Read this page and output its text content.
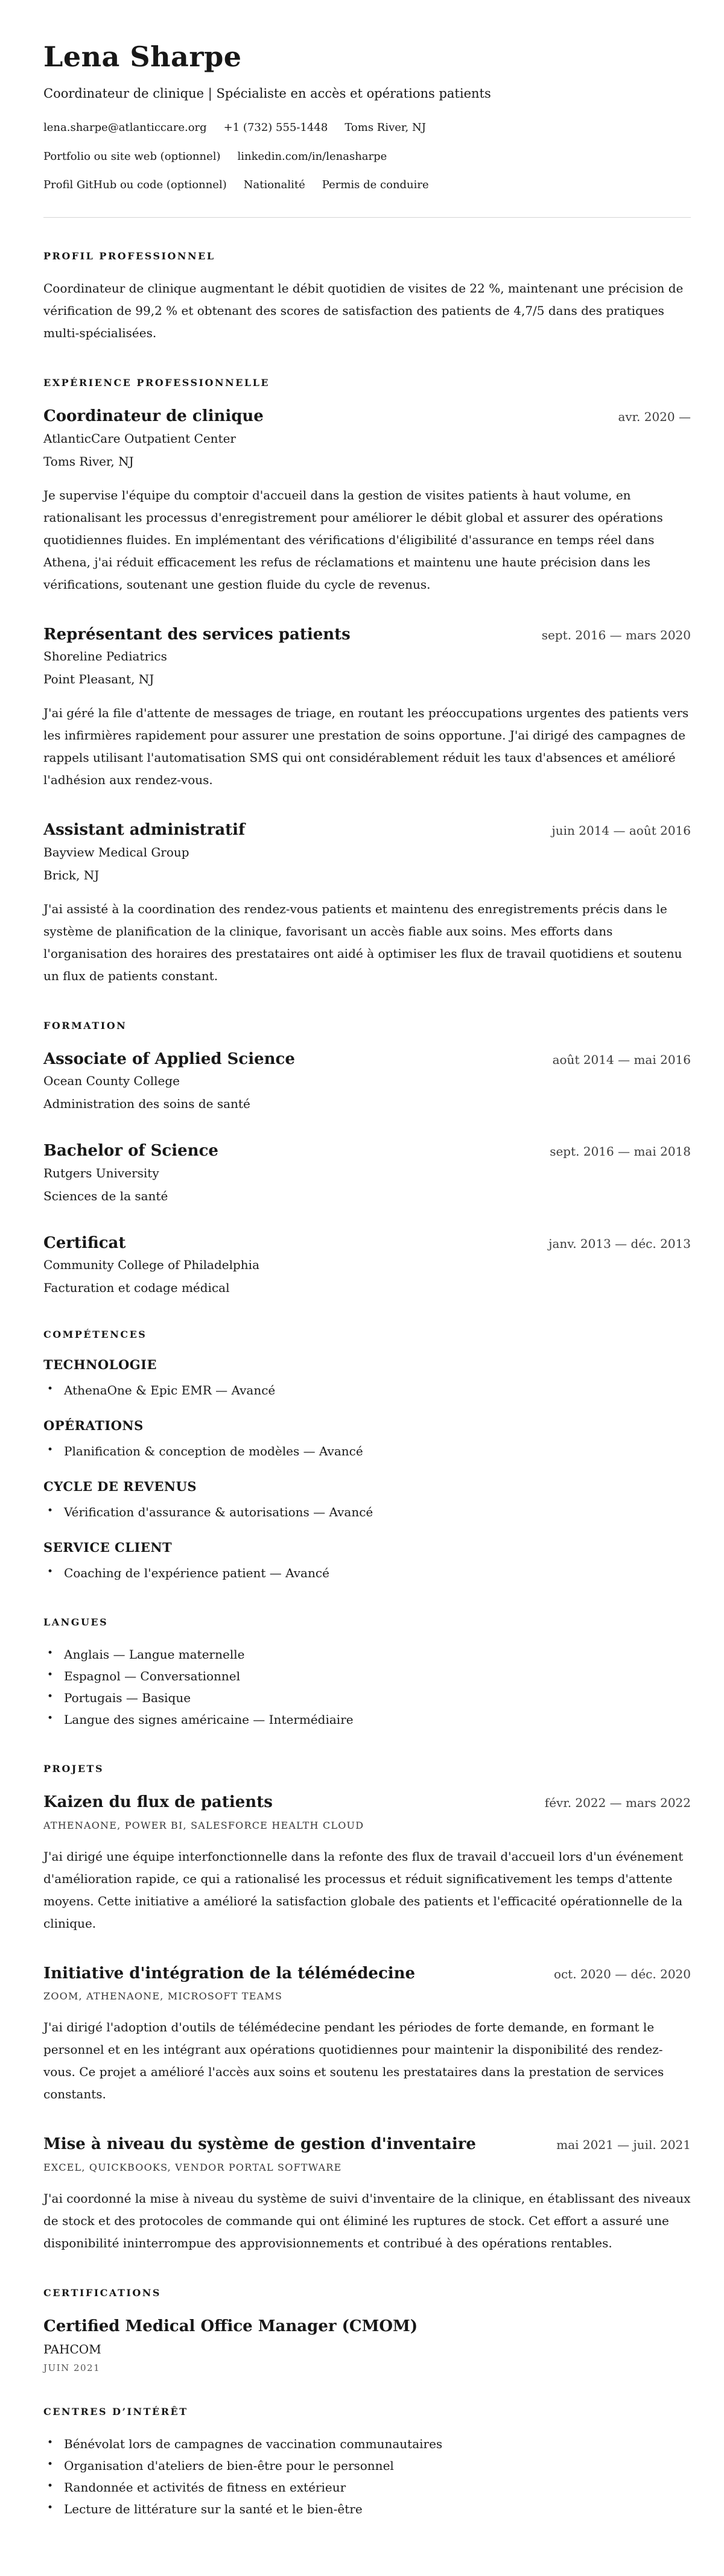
Lena Sharpe
Coordinateur de clinique | Spécialiste en accès et opérations patients
lena.sharpe@atlanticcare.org +1 (732) 555-1448 Toms River, NJ
Portfolio ou site web (optionnel) linkedin.com/in/lenasharpe
Profil GitHub ou code (optionnel) Nationalité Permis de conduire
PROFIL PROFESSIONNEL

Coordinateur de clinique augmentant le débit quotidien de visites de 22 %, maintenant une précision de vérification de 99,2 % et obtenant des scores de satisfaction des patients de 4,7/5 dans des pratiques multi-spécialisées.

EXPÉRIENCE PROFESSIONNELLE
Coordinateur de clinique	avr. 2020 —
AtlanticCare Outpatient Center
Toms River, NJ

Je supervise l'équipe du comptoir d'accueil dans la gestion de visites patients à haut volume, en rationalisant les processus d'enregistrement pour améliorer le débit global et assurer des opérations quotidiennes fluides. En implémentant des vérifications d'éligibilité d'assurance en temps réel dans Athena, j'ai réduit efficacement les refus de réclamations et maintenu une haute précision dans les vérifications, soutenant une gestion fluide du cycle de revenus.

Représentant des services patients	sept. 2016 — mars 2020
Shoreline Pediatrics
Point Pleasant, NJ

J'ai géré la file d'attente de messages de triage, en routant les préoccupations urgentes des patients vers les infirmières rapidement pour assurer une prestation de soins opportune. J'ai dirigé des campagnes de rappels utilisant l'automatisation SMS qui ont considérablement réduit les taux d'absences et amélioré l'adhésion aux rendez-vous.

Assistant administratif	juin 2014 — août 2016
Bayview Medical Group
Brick, NJ

J'ai assisté à la coordination des rendez-vous patients et maintenu des enregistrements précis dans le système de planification de la clinique, favorisant un accès fiable aux soins. Mes efforts dans l'organisation des horaires des prestataires ont aidé à optimiser les flux de travail quotidiens et soutenu un flux de patients constant.

FORMATION
Associate of Applied Science	août 2014 — mai 2016
Ocean County College
Administration des soins de santé
Bachelor of Science	sept. 2016 — mai 2018
Rutgers University
Sciences de la santé
Certificat	janv. 2013 — déc. 2013
Community College of Philadelphia
Facturation et codage médical
COMPÉTENCES
TECHNOLOGIE
• AthenaOne & Epic EMR — Avancé
OPÉRATIONS
• Planification & conception de modèles — Avancé
CYCLE DE REVENUS
• Vérification d'assurance & autorisations — Avancé
SERVICE CLIENT
• Coaching de l'expérience patient — Avancé
LANGUES
• Anglais — Langue maternelle
• Espagnol — Conversationnel
• Portugais — Basique
• Langue des signes américaine — Intermédiaire
PROJETS
Kaizen du flux de patients	févr. 2022 — mars 2022
ATHENAONE, POWER BI, SALESFORCE HEALTH CLOUD

J'ai dirigé une équipe interfonctionnelle dans la refonte des flux de travail d'accueil lors d'un événement d'amélioration rapide, ce qui a rationalisé les processus et réduit significativement les temps d'attente moyens. Cette initiative a amélioré la satisfaction globale des patients et l'efficacité opérationnelle de la clinique.

Initiative d'intégration de la télémédecine	oct. 2020 — déc. 2020
ZOOM, ATHENAONE, MICROSOFT TEAMS

J'ai dirigé l'adoption d'outils de télémédecine pendant les périodes de forte demande, en formant le personnel et en les intégrant aux opérations quotidiennes pour maintenir la disponibilité des rendez-vous. Ce projet a amélioré l'accès aux soins et soutenu les prestataires dans la prestation de services constants.

Mise à niveau du système de gestion d'inventaire	mai 2021 — juil. 2021
EXCEL, QUICKBOOKS, VENDOR PORTAL SOFTWARE

J'ai coordonné la mise à niveau du système de suivi d'inventaire de la clinique, en établissant des niveaux de stock et des protocoles de commande qui ont éliminé les ruptures de stock. Cet effort a assuré une disponibilité ininterrompue des approvisionnements et contribué à des opérations rentables.

CERTIFICATIONS
Certified Medical Office Manager (CMOM)
PAHCOM
JUIN 2021
CENTRES D’INTÉRÊT
• Bénévolat lors de campagnes de vaccination communautaires
• Organisation d'ateliers de bien-être pour le personnel
• Randonnée et activités de fitness en extérieur
• Lecture de littérature sur la santé et le bien-être
